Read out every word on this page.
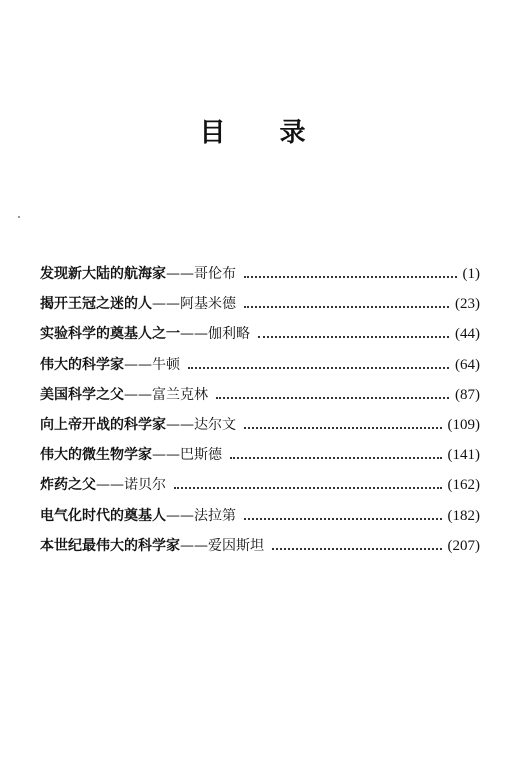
目录
发现新大陆的航海家——哥伦布	(1)
揭开王冠之迷的人——阿基米德	(23)
实验科学的奠基人之一——伽利略	(44)
伟大的科学家——牛顿	(64)
美国科学之父——富兰克林	(87)
向上帝开战的科学家——达尔文	(109)
伟大的微生物学家——巴斯德	(141)
炸药之父——诺贝尔	(162)
电气化时代的奠基人——法拉第	(182)
本世纪最伟大的科学家——爱因斯坦	(207)
